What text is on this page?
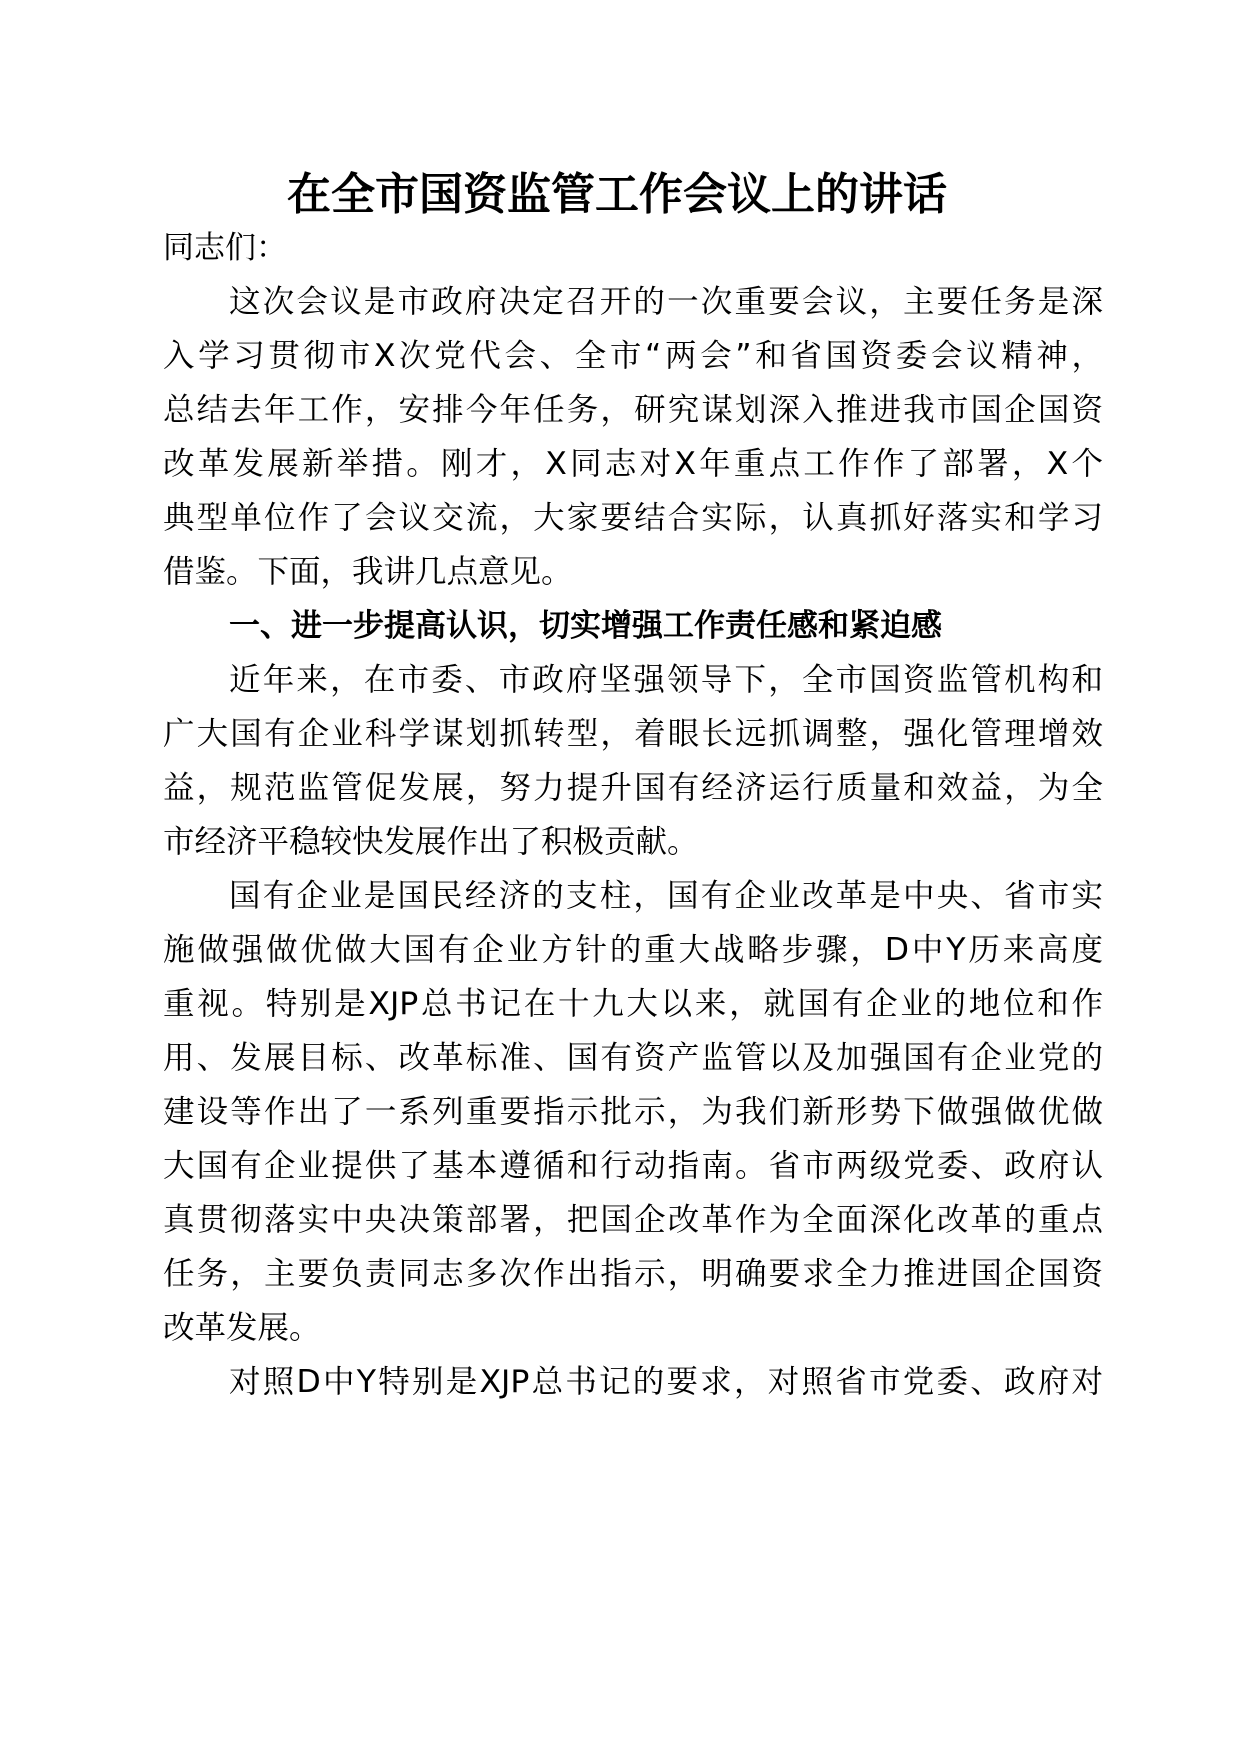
在全市国资监管工作会议上的讲话

同志们：

这次会议是市政府决定召开的一次重要会议，主要任务是深

入学习贯彻市X次党代会、全市“两会”和省国资委会议精神，

总结去年工作，安排今年任务，研究谋划深入推进我市国企国资

改革发展新举措。刚才，X同志对X年重点工作作了部署，X个

典型单位作了会议交流，大家要结合实际，认真抓好落实和学习

借鉴。下面，我讲几点意见。

一、进一步提高认识，切实增强工作责任感和紧迫感

近年来，在市委、市政府坚强领导下，全市国资监管机构和

广大国有企业科学谋划抓转型，着眼长远抓调整，强化管理增效

益，规范监管促发展，努力提升国有经济运行质量和效益，为全

市经济平稳较快发展作出了积极贡献。

国有企业是国民经济的支柱，国有企业改革是中央、省市实

施做强做优做大国有企业方针的重大战略步骤，D中Y历来高度

重视。特别是XJP总书记在十九大以来，就国有企业的地位和作

用、发展目标、改革标准、国有资产监管以及加强国有企业党的

建设等作出了一系列重要指示批示，为我们新形势下做强做优做

大国有企业提供了基本遵循和行动指南。省市两级党委、政府认

真贯彻落实中央决策部署，把国企改革作为全面深化改革的重点

任务，主要负责同志多次作出指示，明确要求全力推进国企国资

改革发展。

对照D中Y特别是XJP总书记的要求，对照省市党委、政府对
